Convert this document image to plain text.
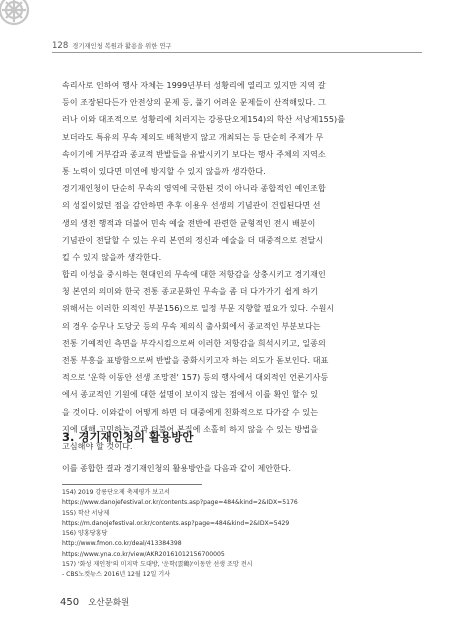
128 경기재인청 복원과 활용을 위한 연구
속리사로 인하여 행사 자체는 1999년부터 성황리에 열리고 있지만 지역 갈
등이 조장된다든가 안전상의 문제 등, 풀기 어려운 문제들이 산적해있다. 그
러나 이와 대조적으로 성황리에 치러지는 강릉단오제154)의 학산 서낭제155)를
보더라도 특유의 무속 제의도 배척받지 않고 개최되는 등 단순히 주제가 무
속이기에 거부감과 종교적 반발들을 유발시키기 보다는 행사 주체의 지역소
통 노력이 있다면 미연에 방지할 수 있지 않을까 생각한다.
경기재인청이 단순히 무속의 영역에 국한된 것이 아니라 종합적인 예인조합
의 성질이었던 점을 감안하면 추후 이용우 선생의 기념관이 건립된다면 선
생의 생전 행적과 더불어 민속 예술 전반에 관련한 균형적인 전시 배분이
기념관이 전달할 수 있는 우리 본연의 정신과 예술을 더 대중적으로 전달시
킬 수 있지 않을까 생각한다.
합리 이성을 중시하는 현대인의 무속에 대한 저항감을 상충시키고 경기재인
청 본연의 의미와 한국 전통 종교문화인 무속을 좀 더 다가가기 쉽게 하기
위해서는 이러한 의적인 부분156)으로 일정 부문 지향할 필요가 있다. 수원시
의 경우 승무나 도당굿 등의 무속 제의식 출사회에서 종교적인 부분보다는
전통 기예적인 측면을 부각시킴으로써 이러한 저항감을 희석시키고, 일종의
전통 부흥을 표방함으로써 반발을 중화시키고자 하는 의도가 돋보인다. 대표
적으로 '운학 이동안 선생 조망전' 157) 등의 행사에서 대외적인 언론기사등
에서 종교적인 기원에 대한 설명이 보이지 않는 점에서 이를 확인 할수 있
을 것이다. 이와같이 어떻게 하면 더 대중에게 친화적으로 다가갈 수 있는
지에 대해 고민하는 것과 더불어 본질에 소홀히 하지 않을 수 있는 방법을
고심해야 할 것이다.
3. 경기재인청의 활용방안
이를 종합한 결과 경기재인청의 활용방안을 다음과 같이 제안한다.
154) 2019 강릉단오제 축제평가 보고서
https://www.danojefestival.or.kr/contents.asp?page=484&kind=2&IDX=5176
155) 학산 서낭제
https://m.danojefestival.or.kr/contents.asp?page=484&kind=2&IDX=5429
156) 양홍당홍당
http://www.fmon.co.kr/deal/413384398
https://www.yna.co.kr/view/AKR20161012156700005
157) '화성 재인청'의 미지막 도대방, '운학(雲鶴)'이동안 선생 조망 전시
- CBS노컷뉴스 2016년 12월 12일 기사
450 오산문화원
